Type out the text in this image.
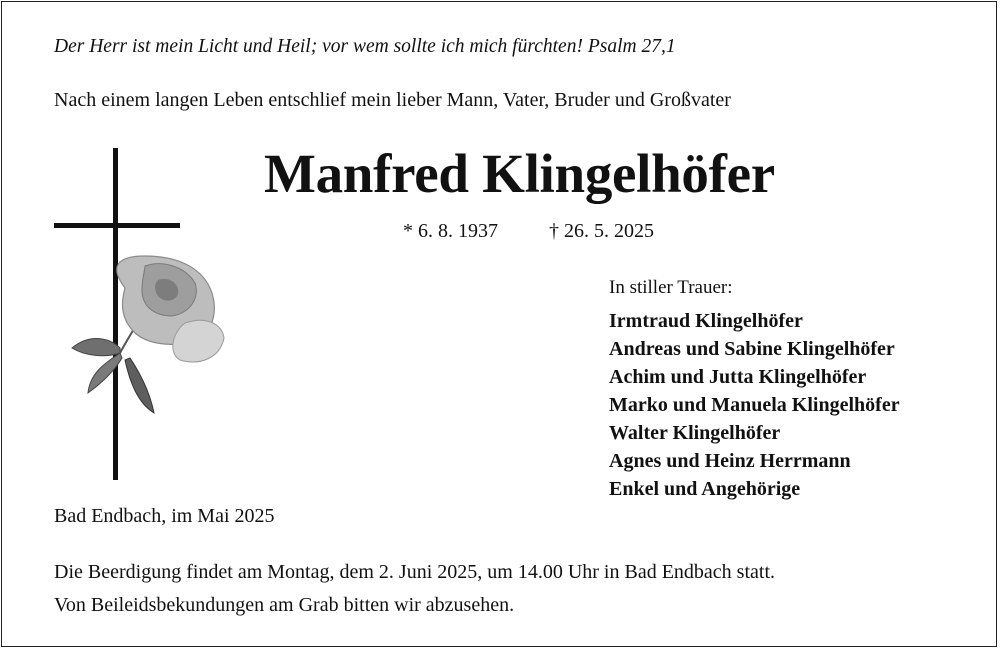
Der Herr ist mein Licht und Heil; vor wem sollte ich mich fürchten! Psalm 27,1
Nach einem langen Leben entschlief mein lieber Mann, Vater, Bruder und Großvater
Manfred Klingelhöfer
* 6. 8. 1937	† 26. 5. 2025
In stiller Trauer:
Irmtraud Klingelhöfer
Andreas und Sabine Klingelhöfer
Achim und Jutta Klingelhöfer
Marko und Manuela Klingelhöfer
Walter Klingelhöfer
Agnes und Heinz Herrmann
Enkel und Angehörige
Bad Endbach, im Mai 2025
Die Beerdigung findet am Montag, dem 2. Juni 2025, um 14.00 Uhr in Bad Endbach statt.
Von Beileidsbekundungen am Grab bitten wir abzusehen.
